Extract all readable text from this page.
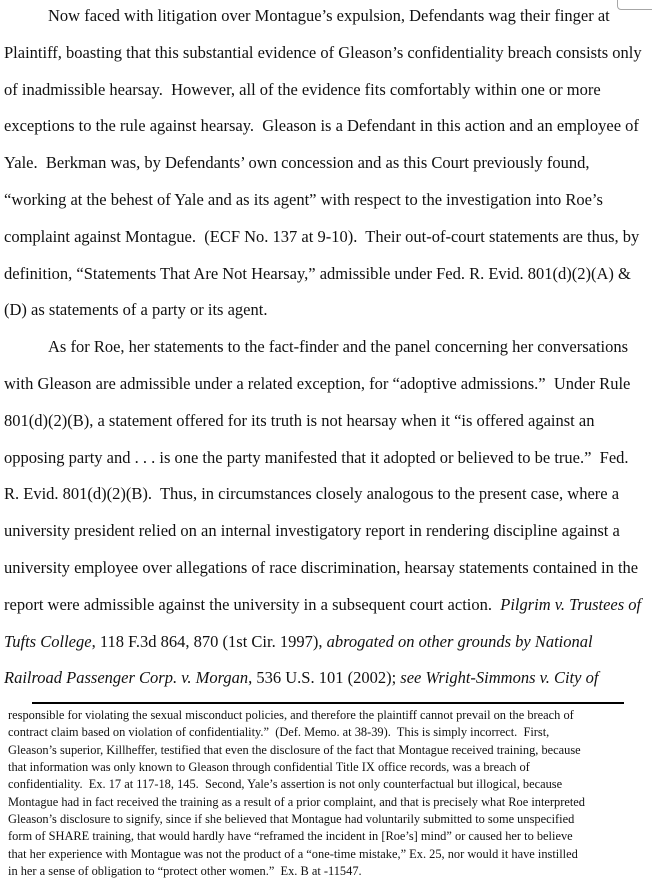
Now faced with litigation over Montague’s expulsion, Defendants wag their finger at
Plaintiff, boasting that this substantial evidence of Gleason’s confidentiality breach consists only
of inadmissible hearsay.  However, all of the evidence fits comfortably within one or more
exceptions to the rule against hearsay.  Gleason is a Defendant in this action and an employee of
Yale.  Berkman was, by Defendants’ own concession and as this Court previously found,
“working at the behest of Yale and as its agent” with respect to the investigation into Roe’s
complaint against Montague.  (ECF No. 137 at 9-10).  Their out-of-court statements are thus, by
definition, “Statements That Are Not Hearsay,” admissible under Fed. R. Evid. 801(d)(2)(A) &
(D) as statements of a party or its agent.
As for Roe, her statements to the fact-finder and the panel concerning her conversations
with Gleason are admissible under a related exception, for “adoptive admissions.”  Under Rule
801(d)(2)(B), a statement offered for its truth is not hearsay when it “is offered against an
opposing party and . . . is one the party manifested that it adopted or believed to be true.”  Fed.
R. Evid. 801(d)(2)(B).  Thus, in circumstances closely analogous to the present case, where a
university president relied on an internal investigatory report in rendering discipline against a
university employee over allegations of race discrimination, hearsay statements contained in the
report were admissible against the university in a subsequent court action.  Pilgrim v. Trustees of
Tufts College, 118 F.3d 864, 870 (1st Cir. 1997), abrogated on other grounds by National
Railroad Passenger Corp. v. Morgan, 536 U.S. 101 (2002); see Wright-Simmons v. City of
responsible for violating the sexual misconduct policies, and therefore the plaintiff cannot prevail on the breach of
contract claim based on violation of confidentiality.”  (Def. Memo. at 38-39).  This is simply incorrect.  First,
Gleason’s superior, Killheffer, testified that even the disclosure of the fact that Montague received training, because
that information was only known to Gleason through confidential Title IX office records, was a breach of
confidentiality.  Ex. 17 at 117-18, 145.  Second, Yale’s assertion is not only counterfactual but illogical, because
Montague had in fact received the training as a result of a prior complaint, and that is precisely what Roe interpreted
Gleason’s disclosure to signify, since if she believed that Montague had voluntarily submitted to some unspecified
form of SHARE training, that would hardly have “reframed the incident in [Roe’s] mind” or caused her to believe
that her experience with Montague was not the product of a “one-time mistake,” Ex. 25, nor would it have instilled
in her a sense of obligation to “protect other women.”  Ex. B at -11547.
